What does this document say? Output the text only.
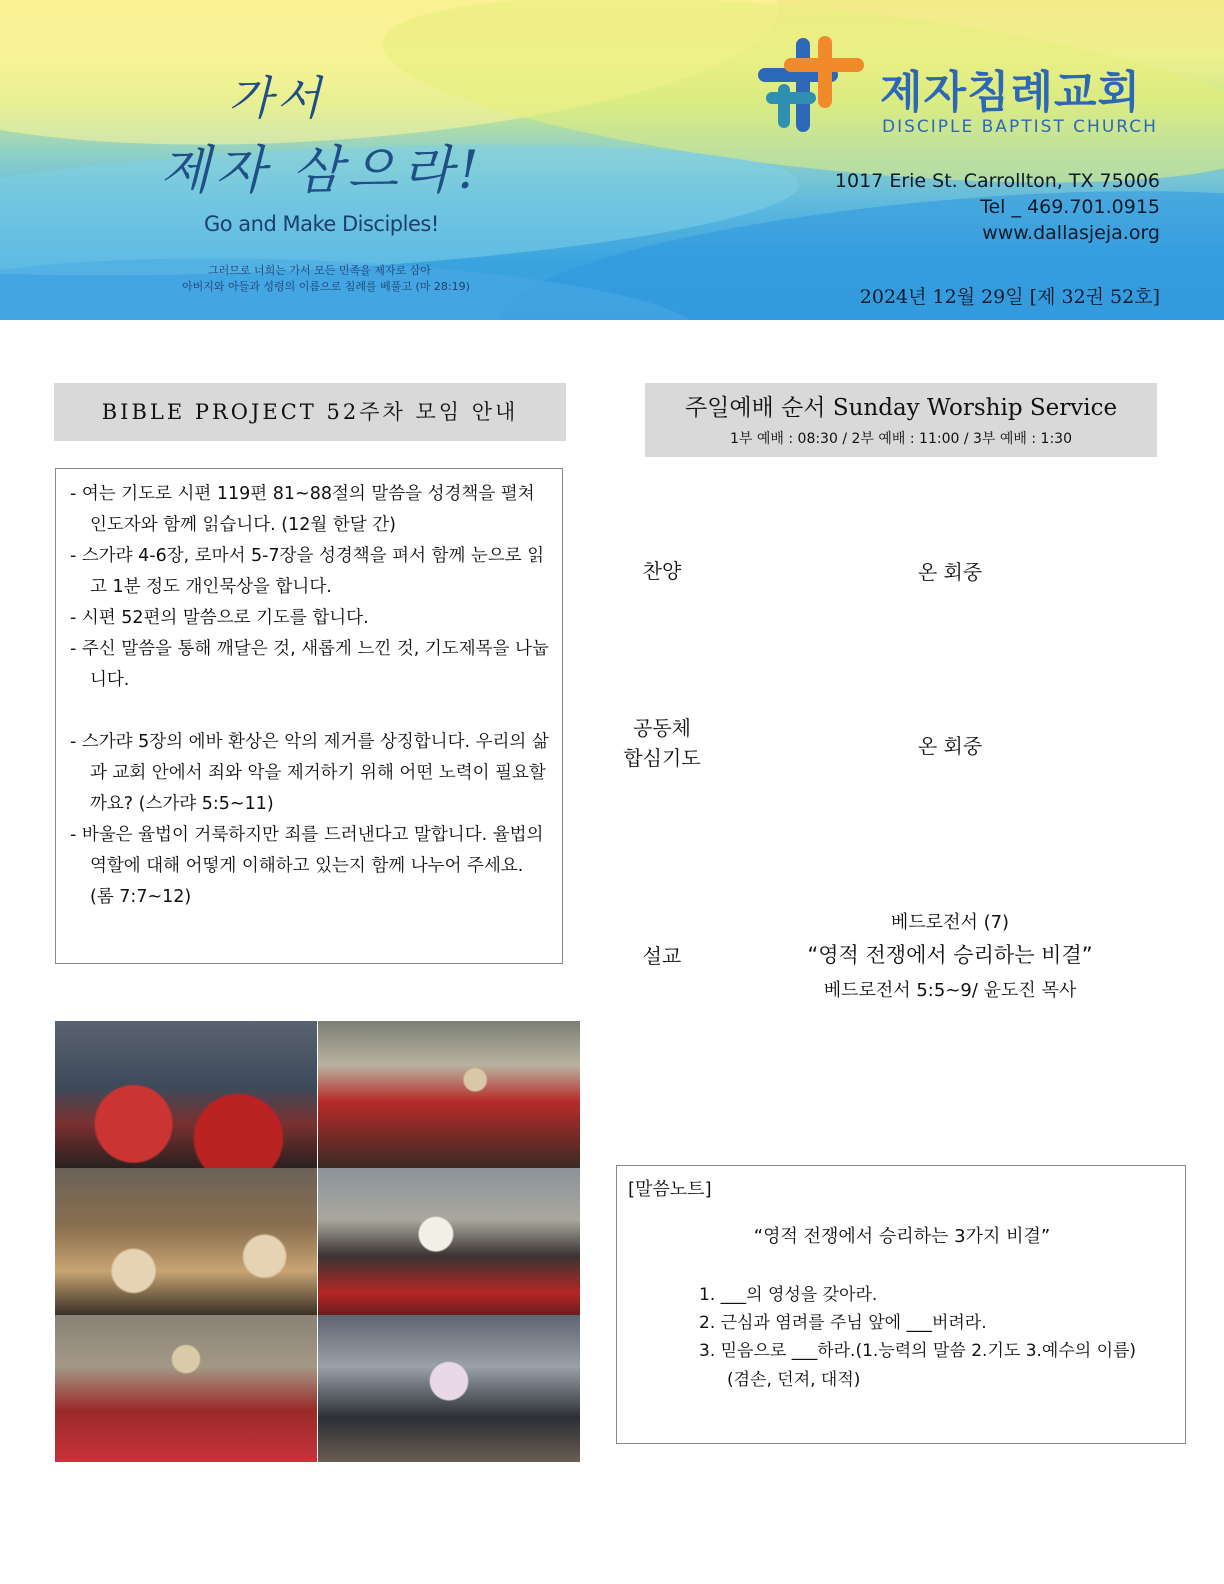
가서
제자 삼으라!
Go and Make Disciples!
그러므로 너희는 가서 모든 민족을 제자로 삼아
아버지와 아들과 성령의 이름으로 침례를 베풀고 (마 28:19)
제자침례교회
DISCIPLE BAPTIST CHURCH
1017 Erie St. Carrollton, TX 75006
Tel _ 469.701.0915
www.dallasjeja.org
2024년 12월 29일 [제 32권 52호]
BIBLE PROJECT 52주차 모임 안내
- 여는 기도로 시편 119편 81~88절의 말씀을 성경책을 펼쳐 인도자와 함께 읽습니다. (12월 한달 간)
- 스가랴 4-6장, 로마서 5-7장을 성경책을 펴서 함께 눈으로 읽고 1분 정도 개인묵상을 합니다.
- 시편 52편의 말씀으로 기도를 합니다.
- 주신 말씀을 통해 깨달은 것, 새롭게 느낀 것, 기도제목을 나눕니다.
- 스가랴 5장의 에바 환상은 악의 제거를 상징합니다. 우리의 삶과 교회 안에서 죄와 악을 제거하기 위해 어떤 노력이 필요할까요? (스가랴 5:5~11)
- 바울은 율법이 거룩하지만 죄를 드러낸다고 말합니다. 율법의 역할에 대해 어떻게 이해하고 있는지 함께 나누어 주세요. (롬 7:7~12)
주일예배 순서 Sunday Worship Service
1부 예배 : 08:30 / 2부 예배 : 11:00 / 3부 예배 : 1:30
찬양	온 회중
공동체
합심기도	온 회중
설교
베드로전서 (7)
“영적 전쟁에서 승리하는 비결”
베드로전서 5:5~9/ 윤도진 목사
[말씀노트]
“영적 전쟁에서 승리하는 3가지 비결”
1. ___의 영성을 갖아라.
2. 근심과 염려를 주님 앞에 ___버려라.
3. 믿음으로 ___하라.(1.능력의 말씀 2.기도 3.예수의 이름)
(겸손, 던져, 대적)
